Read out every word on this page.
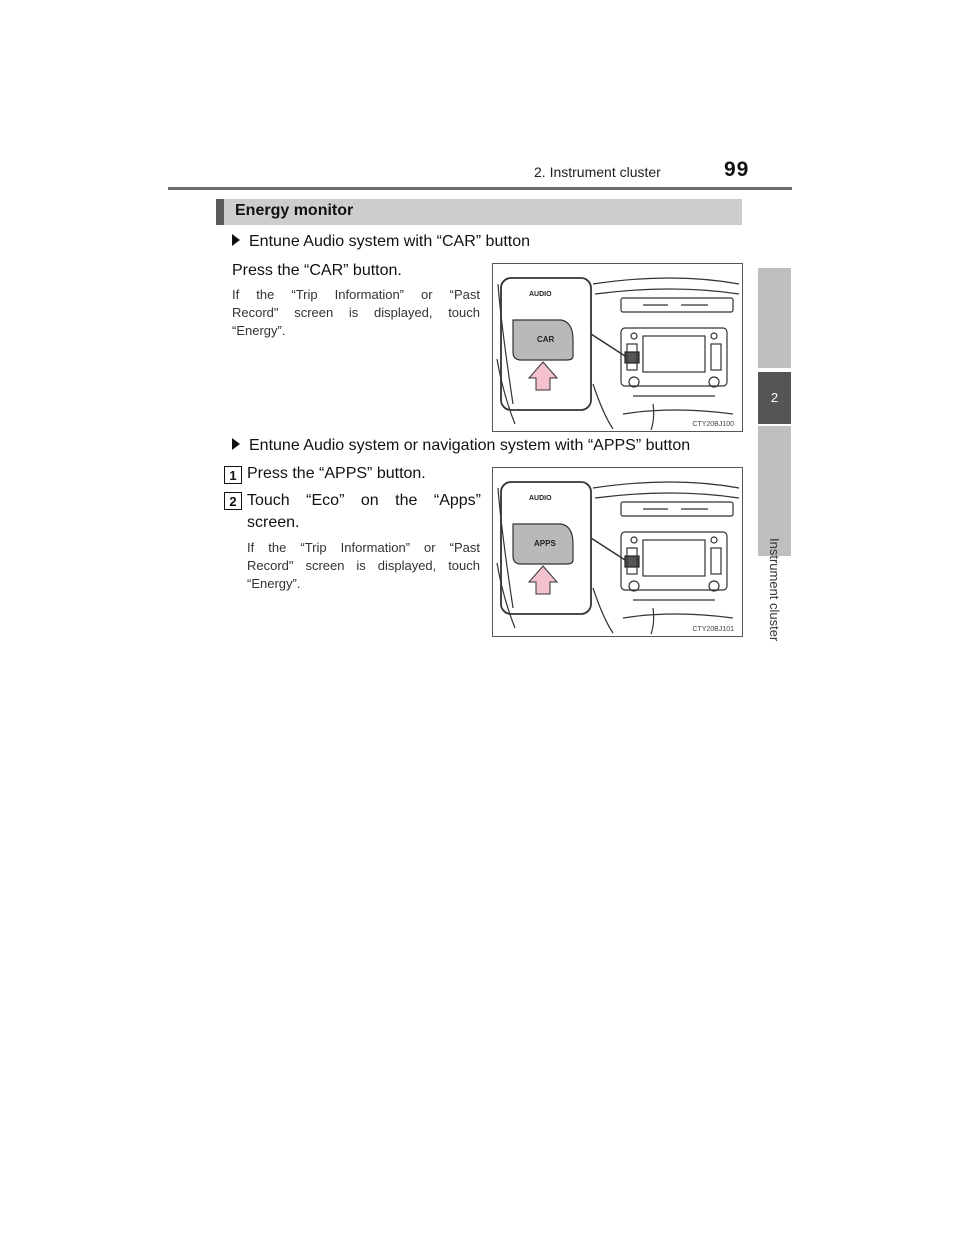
2. Instrument cluster	99
2
Instrument cluster
Energy monitor
Entune Audio system with “CAR” button
Press the “CAR” button.
If the “Trip Information” or “Past
Record" screen is displayed, touch
“Energy”.
AUDIO
CAR
CTY20BJ100
Entune Audio system or navigation system with “APPS” button
1 Press the “APPS” button.
2 Touch “Eco” on the “Apps”
screen.
If the “Trip Information” or “Past
Record" screen is displayed, touch
“Energy”.
AUDIO
APPS
CTY20BJ101
